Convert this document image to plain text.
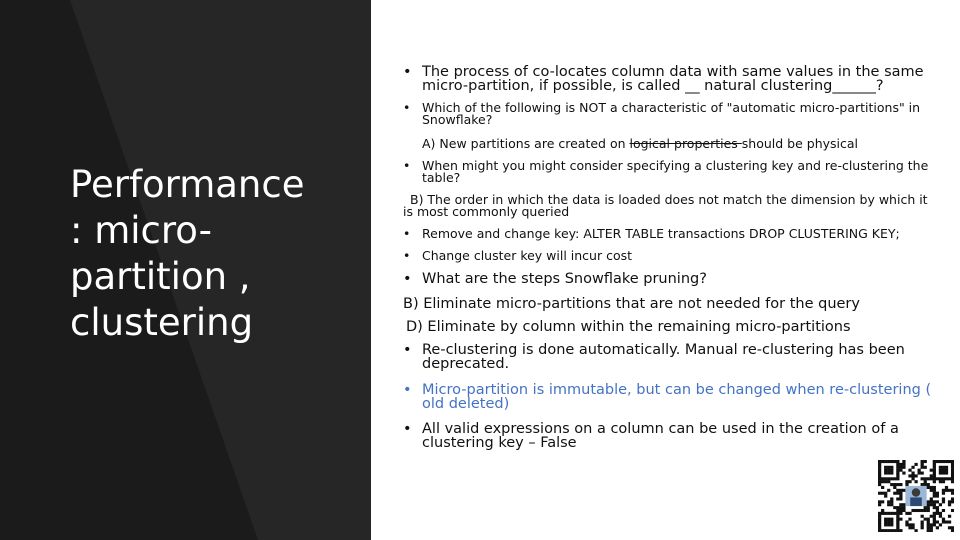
Performance
: micro-
partition ,
clustering

• The process of co-locates column data with same values in the same micro-partition, if possible, is called __ natural clustering______?

• Which of the following is NOT a characteristic of "automatic micro-partitions" in Snowflake?

A) New partitions are created on logical properties should be physical

• When might you might consider specifying a clustering key and re-clustering the table?

B) The order in which the data is loaded does not match the dimension by which it is most commonly queried

• Remove and change key: ALTER TABLE transactions DROP CLUSTERING KEY;

• Change cluster key will incur cost

• What are the steps Snowflake pruning?

B) Eliminate micro-partitions that are not needed for the query

D) Eliminate by column within the remaining micro-partitions

• Re-clustering is done automatically. Manual re-clustering has been deprecated.

• Micro-partition is immutable, but can be changed when re-clustering ( old deleted)

• All valid expressions on a column can be used in the creation of a clustering key – False
